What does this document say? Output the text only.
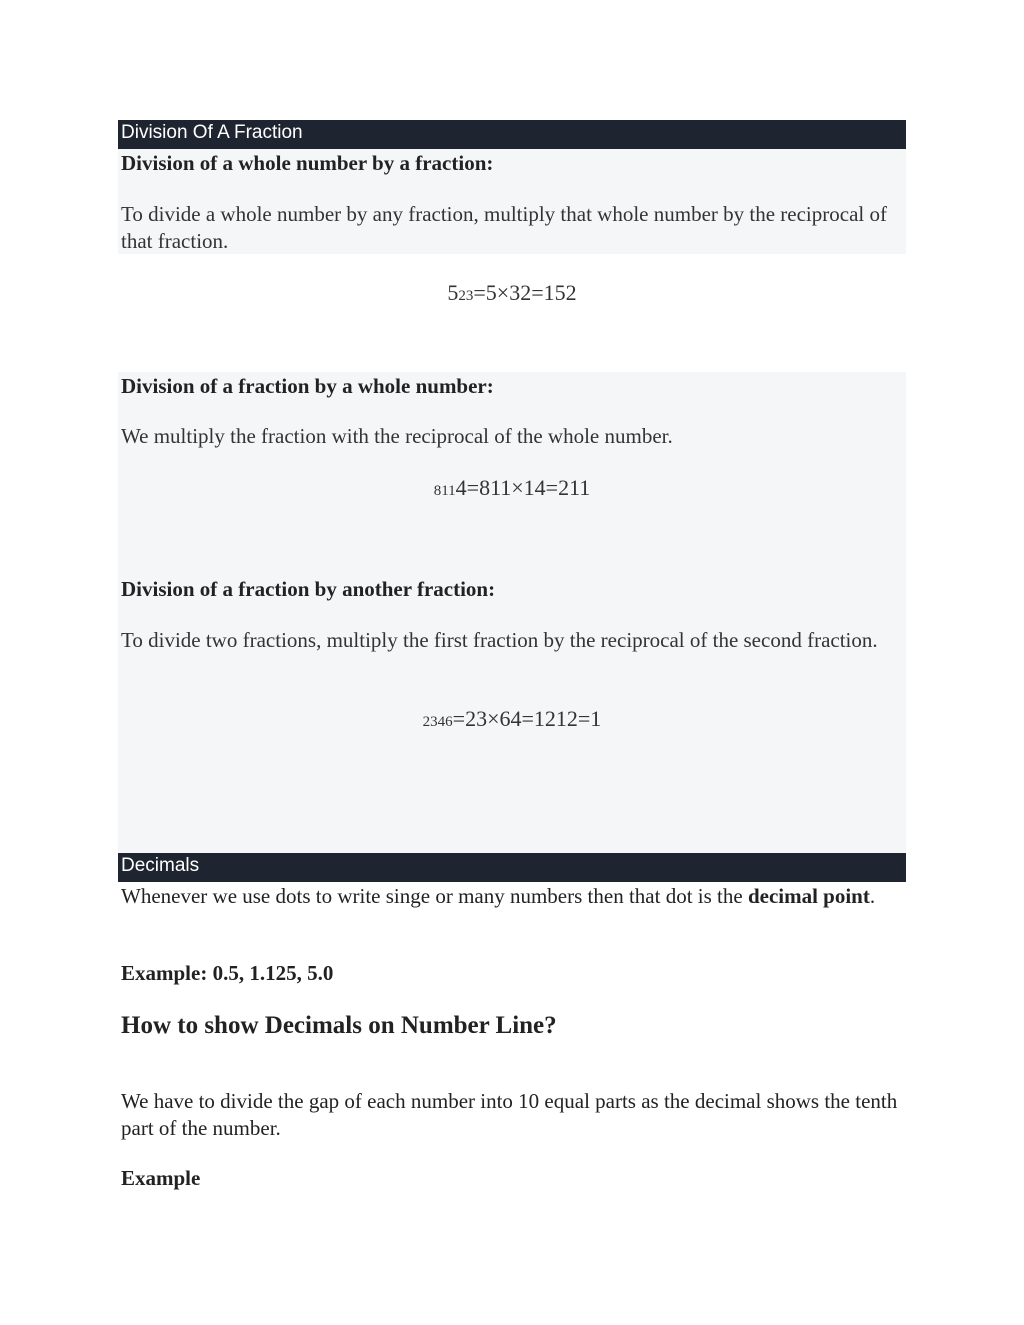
Division Of A Fraction

Division of a whole number by a fraction:

To divide a whole number by any fraction, multiply that whole number by the reciprocal of that fraction.

523=5×32=152

Division of a fraction by a whole number:

We multiply the fraction with the reciprocal of the whole number.

8114=811×14=211

Division of a fraction by another fraction:

To divide two fractions, multiply the first fraction by the reciprocal of the second fraction.

2346=23×64=1212=1
Decimals

Whenever we use dots to write singe or many numbers then that dot is the decimal point.

Example: 0.5, 1.125, 5.0

How to show Decimals on Number Line?

We have to divide the gap of each number into 10 equal parts as the decimal shows the tenth part of the number.

Example
